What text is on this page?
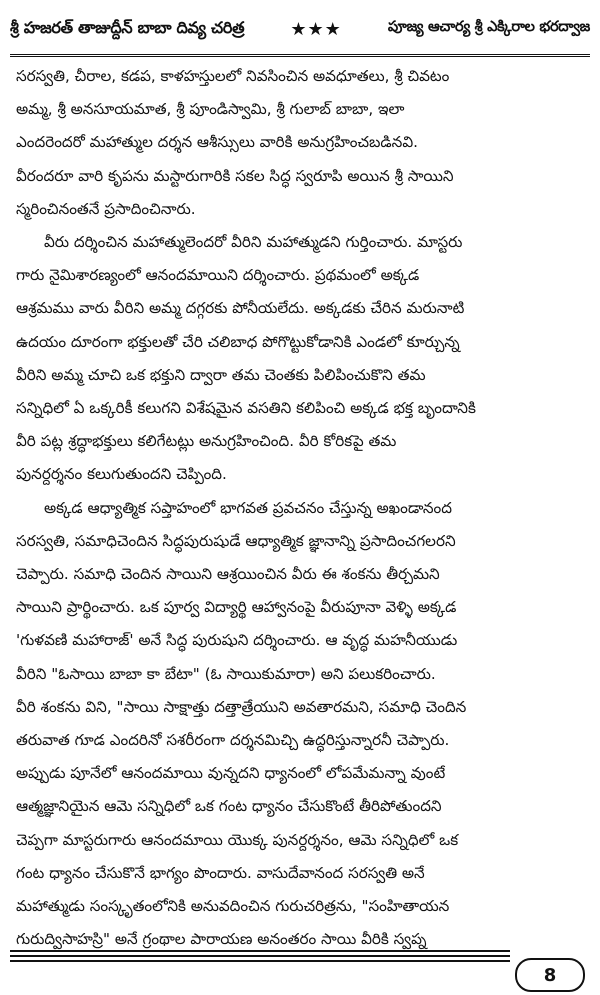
శ్రీ హజరత్ తాజుద్దీన్ బాబా దివ్య చరిత్ర	★★★	పూజ్య ఆచార్య శ్రీ ఎక్కిరాల భరద్వాజ

సరస్వతి, చీరాల, కడప, కాళహస్తులలో నివసించిన అవధూతలు, శ్రీ చివటం
అమ్మ, శ్రీ అనసూయమాత, శ్రీ పూండిస్వామి, శ్రీ గులాబ్ బాబా, ఇలా
ఎందరెందరో మహాత్ముల దర్శన ఆశీస్సులు వారికి అనుగ్రహించబడినవి.
వీరందరూ వారి కృపను మస్టారుగారికి సకల సిద్ధ స్వరూపి అయిన శ్రీ సాయిని
స్మరించినంతనే ప్రసాదించినారు.

వీరు దర్శించిన మహాత్ములెందరో వీరిని మహాత్ముడని గుర్తించారు. మాస్టరు
గారు నైమిశారణ్యంలో ఆనందమాయిని దర్శించారు. ప్రథమంలో అక్కడ
ఆశ్రమము వారు వీరిని అమ్మ దగ్గరకు పోనీయలేదు. అక్కడకు చేరిన మరునాటి
ఉదయం దూరంగా భక్తులతో చేరి చలిబాధ పోగొట్టుకోడానికి ఎండలో కూర్చున్న
వీరిని అమ్మ చూచి ఒక భక్తుని ద్వారా తమ చెంతకు పిలిపించుకొని తమ
సన్నిధిలో ఏ ఒక్కరికీ కలుగని విశేషమైన వసతిని కలిపించి అక్కడ భక్త బృందానికి
వీరి పట్ల శ్రద్ధాభక్తులు కలిగేటట్లు అనుగ్రహించింది. వీరి కోరికపై తమ
పునర్దర్శనం కలుగుతుందని చెప్పింది.

అక్కడ ఆధ్యాత్మిక సప్తాహంలో భాగవత ప్రవచనం చేస్తున్న అఖండానంద
సరస్వతి, సమాధిచెందిన సిద్ధపురుషుడే ఆధ్యాత్మిక జ్ఞానాన్ని ప్రసాదించగలరని
చెప్పారు. సమాధి చెందిన సాయిని ఆశ్రయించిన వీరు ఈ శంకను తీర్చమని
సాయిని ప్రార్థించారు. ఒక పూర్వ విద్యార్థి ఆహ్వానంపై వీరుపూనా వెళ్ళి అక్కడ
'గుళవణి మహారాజ్' అనే సిద్ధ పురుషుని దర్శించారు. ఆ వృద్ధ మహనీయుడు
వీరిని "ఓసాయి బాబా కా బేటా" (ఓ సాయికుమారా) అని పలుకరించారు.
వీరి శంకను విని, "సాయి సాక్షాత్తు దత్తాత్రేయుని అవతారమని, సమాధి చెందిన
తరువాత గూడ ఎందరినో సశరీరంగా దర్శనమిచ్చి ఉద్ధరిస్తున్నారనీ చెప్పారు.
అప్పుడు పూనేలో ఆనందమాయి వున్నదని ధ్యానంలో లోపమేమన్నా వుంటే
ఆత్మజ్ఞానియైన ఆమె సన్నిధిలో ఒక గంట ధ్యానం చేసుకొంటే తీరిపోతుందని
చెప్పగా మాస్టరుగారు ఆనందమాయి యొక్క పునర్దర్శనం, ఆమె సన్నిధిలో ఒక
గంట ధ్యానం చేసుకొనే భాగ్యం పొందారు. వాసుదేవానంద సరస్వతి అనే
మహాత్ముడు సంస్కృతంలోనికి అనువదించిన గురుచరిత్రను, "సంహితాయన
గురుద్విసాహస్రి" అనే గ్రంథాల పారాయణ అనంతరం సాయి వీరికి స్వప్న

8
